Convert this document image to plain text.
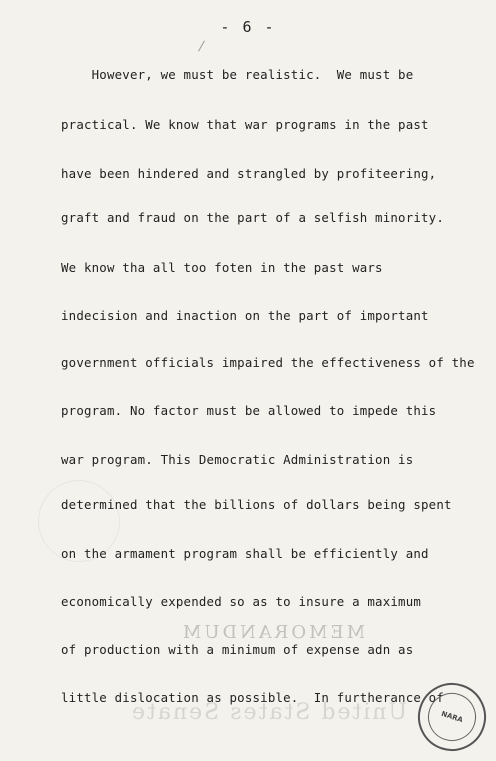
- 6 -
However, we must be realistic.  We must be
practical. We know that war programs in the past
have been hindered and strangled by profiteering,
graft and fraud on the part of a selfish minority.
We know tha all too foten in the past wars
indecision and inaction on the part of important
government officials impaired the effectiveness of the
program. No factor must be allowed to impede this
war program. This Democratic Administration is
determined that the billions of dollars being spent
on the armament program shall be efficiently and
economically expended so as to insure a maximum
MEMORANDUM
of production with a minimum of expense adn as
United States Senate
little dislocation as possible.  In furtherance of
NARA
